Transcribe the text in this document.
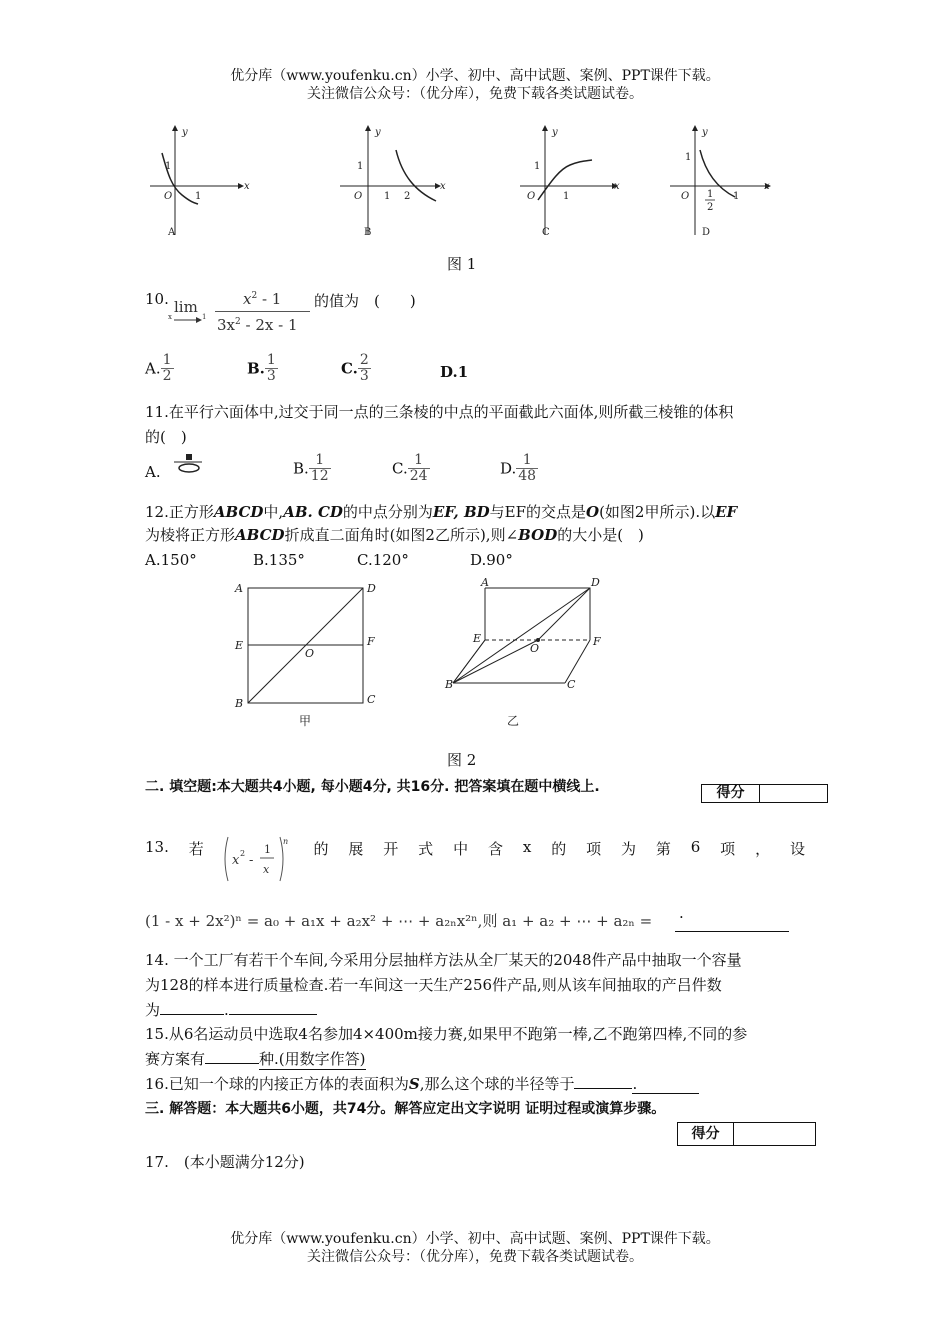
优分库（www.youfenku.cn）小学、初中、高中试题、案例、PPT课件下载。
关注微信公众号：（优分库），免费下载各类试题试卷。
y
x
O
1
1
A
y
x
O
1
1 2
B
y
x
O
1
1
C
y
x
O
1
1
2
1
D
图 1
10. lim
x	1
$x^2 - 1$
$3x^2 - 2x - 1$
的值为　(　　)
A. $\frac{1}{2}$	B. $\frac{1}{3}$	C. $\frac{2}{3}$	D.1
11.在平行六面体中,过交于同一点的三条棱的中点的平面截此六面体,则所截三棱锥的体积
的(　)
A.	B. $\frac{1}{12}$	C. $\frac{1}{24}$	D. $\frac{1}{48}$
12.正方形ABCD中,AB. CD的中点分别为EF, BD与EF的交点是O(如图2甲所示).以EF
为棱将正方形ABCD折成直二面角时(如图2乙所示),则∠BOD的大小是(　)
A.150°	B.135°	C.120°	D.90°
A	D
E	F
O
B	C
A	D
E	F
O
B	C
甲	乙
图 2
二. 填空题:本大题共4小题, 每小题4分, 共16分. 把答案填在题中横线上.	得分
13. 若	的 展 开 式 中 含 x 的 项 为 第 6 项 ， 设
x 2 -
1
x
n
(1 - x + 2x²)ⁿ = a₀ + a₁x + a₂x² + ⋯ + a₂ₙx²ⁿ,则 a₁ + a₂ + ⋯ + a₂ₙ = .
14. 一个工厂有若干个车间,今采用分层抽样方法从全厂某天的2048件产品中抽取一个容量
为128的样本进行质量检查.若一车间这一天生产256件产品,则从该车间抽取的产吕件数
为	.
15.从6名运动员中选取4名参加4×400m接力赛,如果甲不跑第一棒,乙不跑第四棒,不同的参
赛方案有	种.(用数字作答)
16.已知一个球的内接正方体的表面积为S,那么这个球的半径等于	.
三. 解答题：本大题共6小题，共74分。解答应定出文字说明 证明过程或演算步骤。
得分
17.　(本小题满分12分)
优分库（www.youfenku.cn）小学、初中、高中试题、案例、PPT课件下载。
关注微信公众号：（优分库），免费下载各类试题试卷。
